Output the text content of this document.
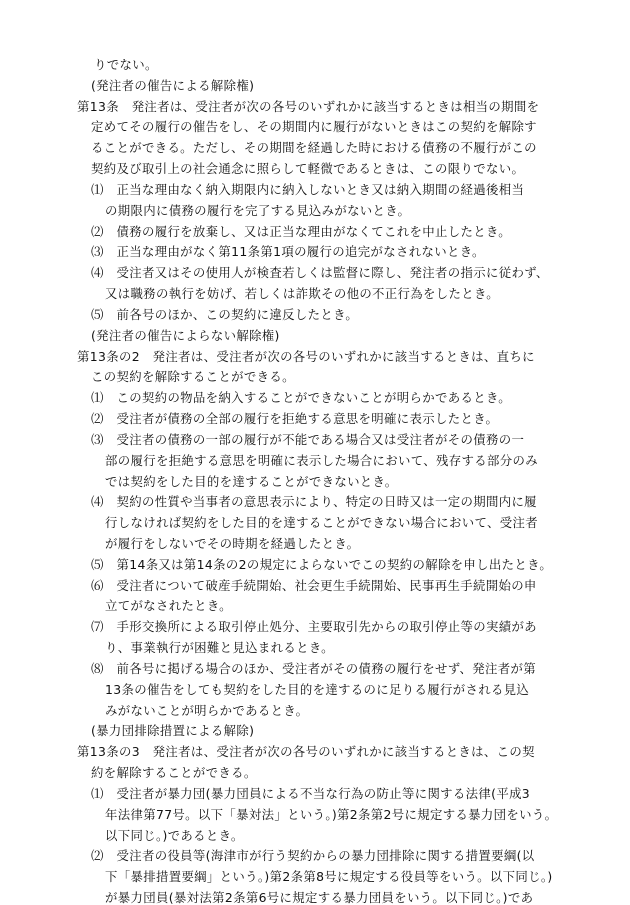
りでない。
(発注者の催告による解除権)
第13条　発注者は、受注者が次の各号のいずれかに該当するときは相当の期間を
定めてその履行の催告をし、その期間内に履行がないときはこの契約を解除す
ることができる。ただし、その期間を経過した時における債務の不履行がこの
契約及び取引上の社会通念に照らして軽微であるときは、この限りでない。
⑴　正当な理由なく納入期限内に納入しないとき又は納入期間の経過後相当
の期限内に債務の履行を完了する見込みがないとき。
⑵　債務の履行を放棄し、又は正当な理由がなくてこれを中止したとき。
⑶　正当な理由がなく第11条第1項の履行の追完がなされないとき。
⑷　受注者又はその使用人が検査若しくは監督に際し、発注者の指示に従わず、
又は職務の執行を妨げ、若しくは詐欺その他の不正行為をしたとき。
⑸　前各号のほか、この契約に違反したとき。
(発注者の催告によらない解除権)
第13条の2　発注者は、受注者が次の各号のいずれかに該当するときは、直ちに
この契約を解除することができる。
⑴　この契約の物品を納入することができないことが明らかであるとき。
⑵　受注者が債務の全部の履行を拒絶する意思を明確に表示したとき。
⑶　受注者の債務の一部の履行が不能である場合又は受注者がその債務の一
部の履行を拒絶する意思を明確に表示した場合において、残存する部分のみ
では契約をした目的を達することができないとき。
⑷　契約の性質や当事者の意思表示により、特定の日時又は一定の期間内に履
行しなければ契約をした目的を達することができない場合において、受注者
が履行をしないでその時期を経過したとき。
⑸　第14条又は第14条の2の規定によらないでこの契約の解除を申し出たとき。
⑹　受注者について破産手続開始、社会更生手続開始、民事再生手続開始の申
立てがなされたとき。
⑺　手形交換所による取引停止処分、主要取引先からの取引停止等の実績があ
り、事業執行が困難と見込まれるとき。
⑻　前各号に掲げる場合のほか、受注者がその債務の履行をせず、発注者が第
13条の催告をしても契約をした目的を達するのに足りる履行がされる見込
みがないことが明らかであるとき。
(暴力団排除措置による解除)
第13条の3　発注者は、受注者が次の各号のいずれかに該当するときは、この契
約を解除することができる。
⑴　受注者が暴力団(暴力団員による不当な行為の防止等に関する法律(平成3
年法律第77号。以下「暴対法」という。)第2条第2号に規定する暴力団をいう。
以下同じ。)であるとき。
⑵　受注者の役員等(海津市が行う契約からの暴力団排除に関する措置要綱(以
下「暴排措置要綱」という。)第2条第8号に規定する役員等をいう。以下同じ。)
が暴力団員(暴対法第2条第6号に規定する暴力団員をいう。以下同じ。)であ
